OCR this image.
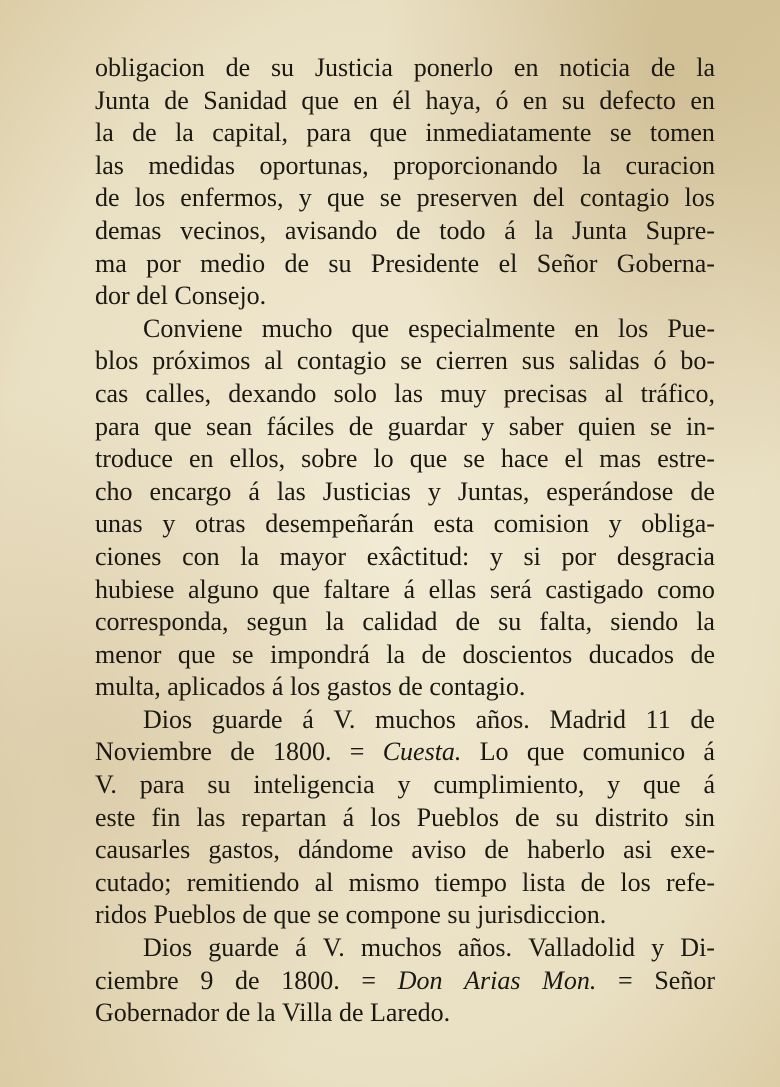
obligacion de su Justicia ponerlo en noticia de la
Junta de Sanidad que en él haya, ó en su defecto en
la de la capital, para que inmediatamente se tomen
las medidas oportunas, proporcionando la curacion
de los enfermos, y que se preserven del contagio los
demas vecinos, avisando de todo á la Junta Supre-
ma por medio de su Presidente el Señor Goberna-
dor
del
Consejo.

Conviene mucho que especialmente en los Pue-
blos próximos al contagio se cierren sus salidas ó bo-
cas calles, dexando solo las muy precisas al tráfico,
para que sean fáciles de guardar y saber quien se in-
troduce en ellos, sobre lo que se hace el mas estre-
cho encargo á las Justicias y Juntas, esperándose de
unas y otras desempeñarán esta comision y obliga-
ciones con la mayor exâctitud: y si por desgracia
hubiese alguno que faltare á ellas será castigado como
corresponda, segun la calidad de su falta, siendo la
menor que se impondrá la de doscientos ducados de
multa,
aplicados
á
los
gastos
de
contagio.

Dios guarde á V. muchos años. Madrid 11 de
Noviembre de 1800. = Cuesta. Lo que comunico á
V. para su inteligencia y cumplimiento, y que á
este fin las repartan á los Pueblos de su distrito sin
causarles gastos, dándome aviso de haberlo asi exe-
cutado; remitiendo al mismo tiempo lista de los refe-
ridos
Pueblos
de
que
se
compone
su
jurisdiccion.

Dios guarde á V. muchos años. Valladolid y Di-
ciembre 9 de 1800. = Don Arias Mon. = Señor
Gobernador
de
la
Villa
de
Laredo.
